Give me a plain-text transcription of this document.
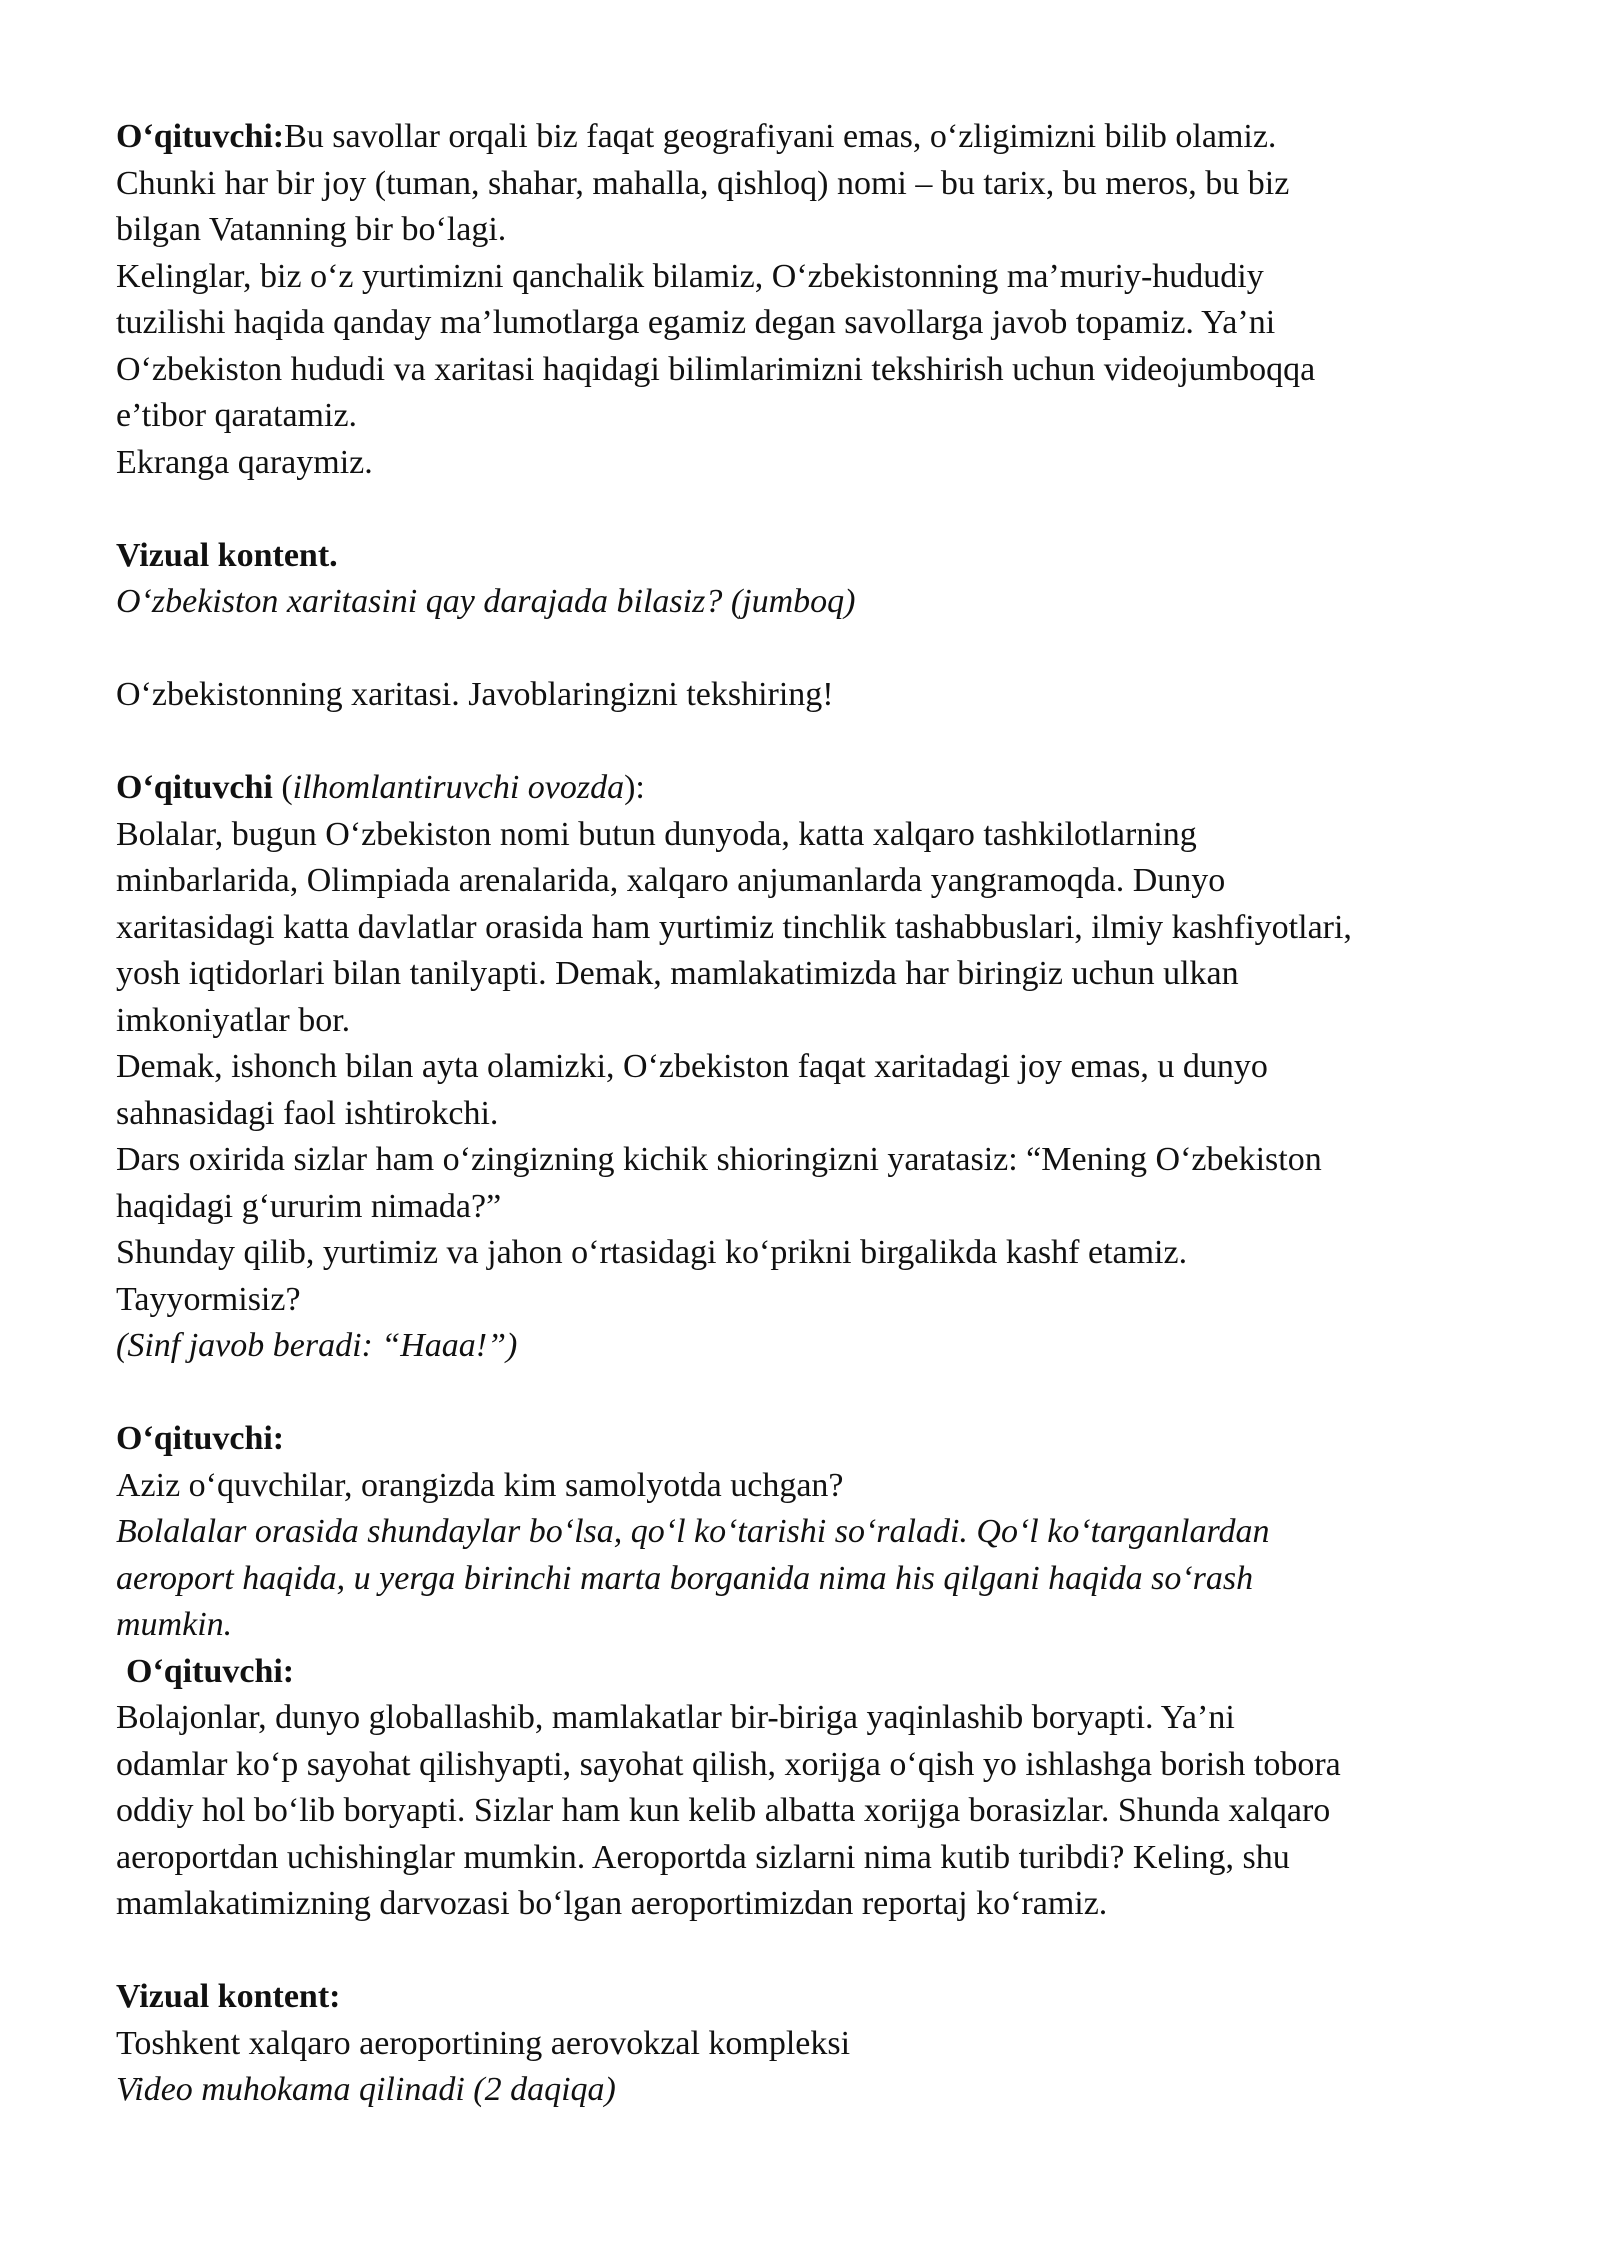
O‘qituvchi:Bu savollar orqali biz faqat geografiyani emas, o‘zligimizni bilib olamiz.
Chunki har bir joy (tuman, shahar, mahalla, qishloq) nomi – bu tarix, bu meros, bu biz
bilgan Vatanning bir bo‘lagi.
Kelinglar, biz o‘z yurtimizni qanchalik bilamiz, O‘zbekistonning ma’muriy-hududiy
tuzilishi haqida qanday ma’lumotlarga egamiz degan savollarga javob topamiz. Ya’ni
O‘zbekiston hududi va xaritasi haqidagi bilimlarimizni tekshirish uchun videojumboqqa
e’tibor qaratamiz.
Ekranga qaraymiz.
Vizual kontent.
O‘zbekiston xaritasini qay darajada bilasiz? (jumboq)
O‘zbekistonning xaritasi. Javoblaringizni tekshiring!
O‘qituvchi (ilhomlantiruvchi ovozda):
Bolalar, bugun O‘zbekiston nomi butun dunyoda, katta xalqaro tashkilotlarning
minbarlarida, Olimpiada arenalarida, xalqaro anjumanlarda yangramoqda. Dunyo
xaritasidagi katta davlatlar orasida ham yurtimiz tinchlik tashabbuslari, ilmiy kashfiyotlari,
yosh iqtidorlari bilan tanilyapti. Demak, mamlakatimizda har biringiz uchun ulkan
imkoniyatlar bor.
Demak, ishonch bilan ayta olamizki, O‘zbekiston faqat xaritadagi joy emas, u dunyo
sahnasidagi faol ishtirokchi.
Dars oxirida sizlar ham o‘zingizning kichik shioringizni yaratasiz: “Mening O‘zbekiston
haqidagi g‘ururim nimada?”
Shunday qilib, yurtimiz va jahon o‘rtasidagi ko‘prikni birgalikda kashf etamiz.
Tayyormisiz?
(Sinf javob beradi: “Haaa!”)
O‘qituvchi:
Aziz o‘quvchilar, orangizda kim samolyotda uchgan?
Bolalalar orasida shundaylar bo‘lsa, qo‘l ko‘tarishi so‘raladi. Qo‘l ko‘targanlardan
aeroport haqida, u yerga birinchi marta borganida nima his qilgani haqida so‘rash
mumkin.
O‘qituvchi:
Bolajonlar, dunyo globallashib, mamlakatlar bir-biriga yaqinlashib boryapti. Ya’ni
odamlar ko‘p sayohat qilishyapti, sayohat qilish, xorijga o‘qish yo ishlashga borish tobora
oddiy hol bo‘lib boryapti. Sizlar ham kun kelib albatta xorijga borasizlar. Shunda xalqaro
aeroportdan uchishinglar mumkin. Aeroportda sizlarni nima kutib turibdi? Keling, shu
mamlakatimizning darvozasi bo‘lgan aeroportimizdan reportaj ko‘ramiz.
Vizual kontent:
Toshkent xalqaro aeroportining aerovokzal kompleksi
Video muhokama qilinadi (2 daqiqa)
